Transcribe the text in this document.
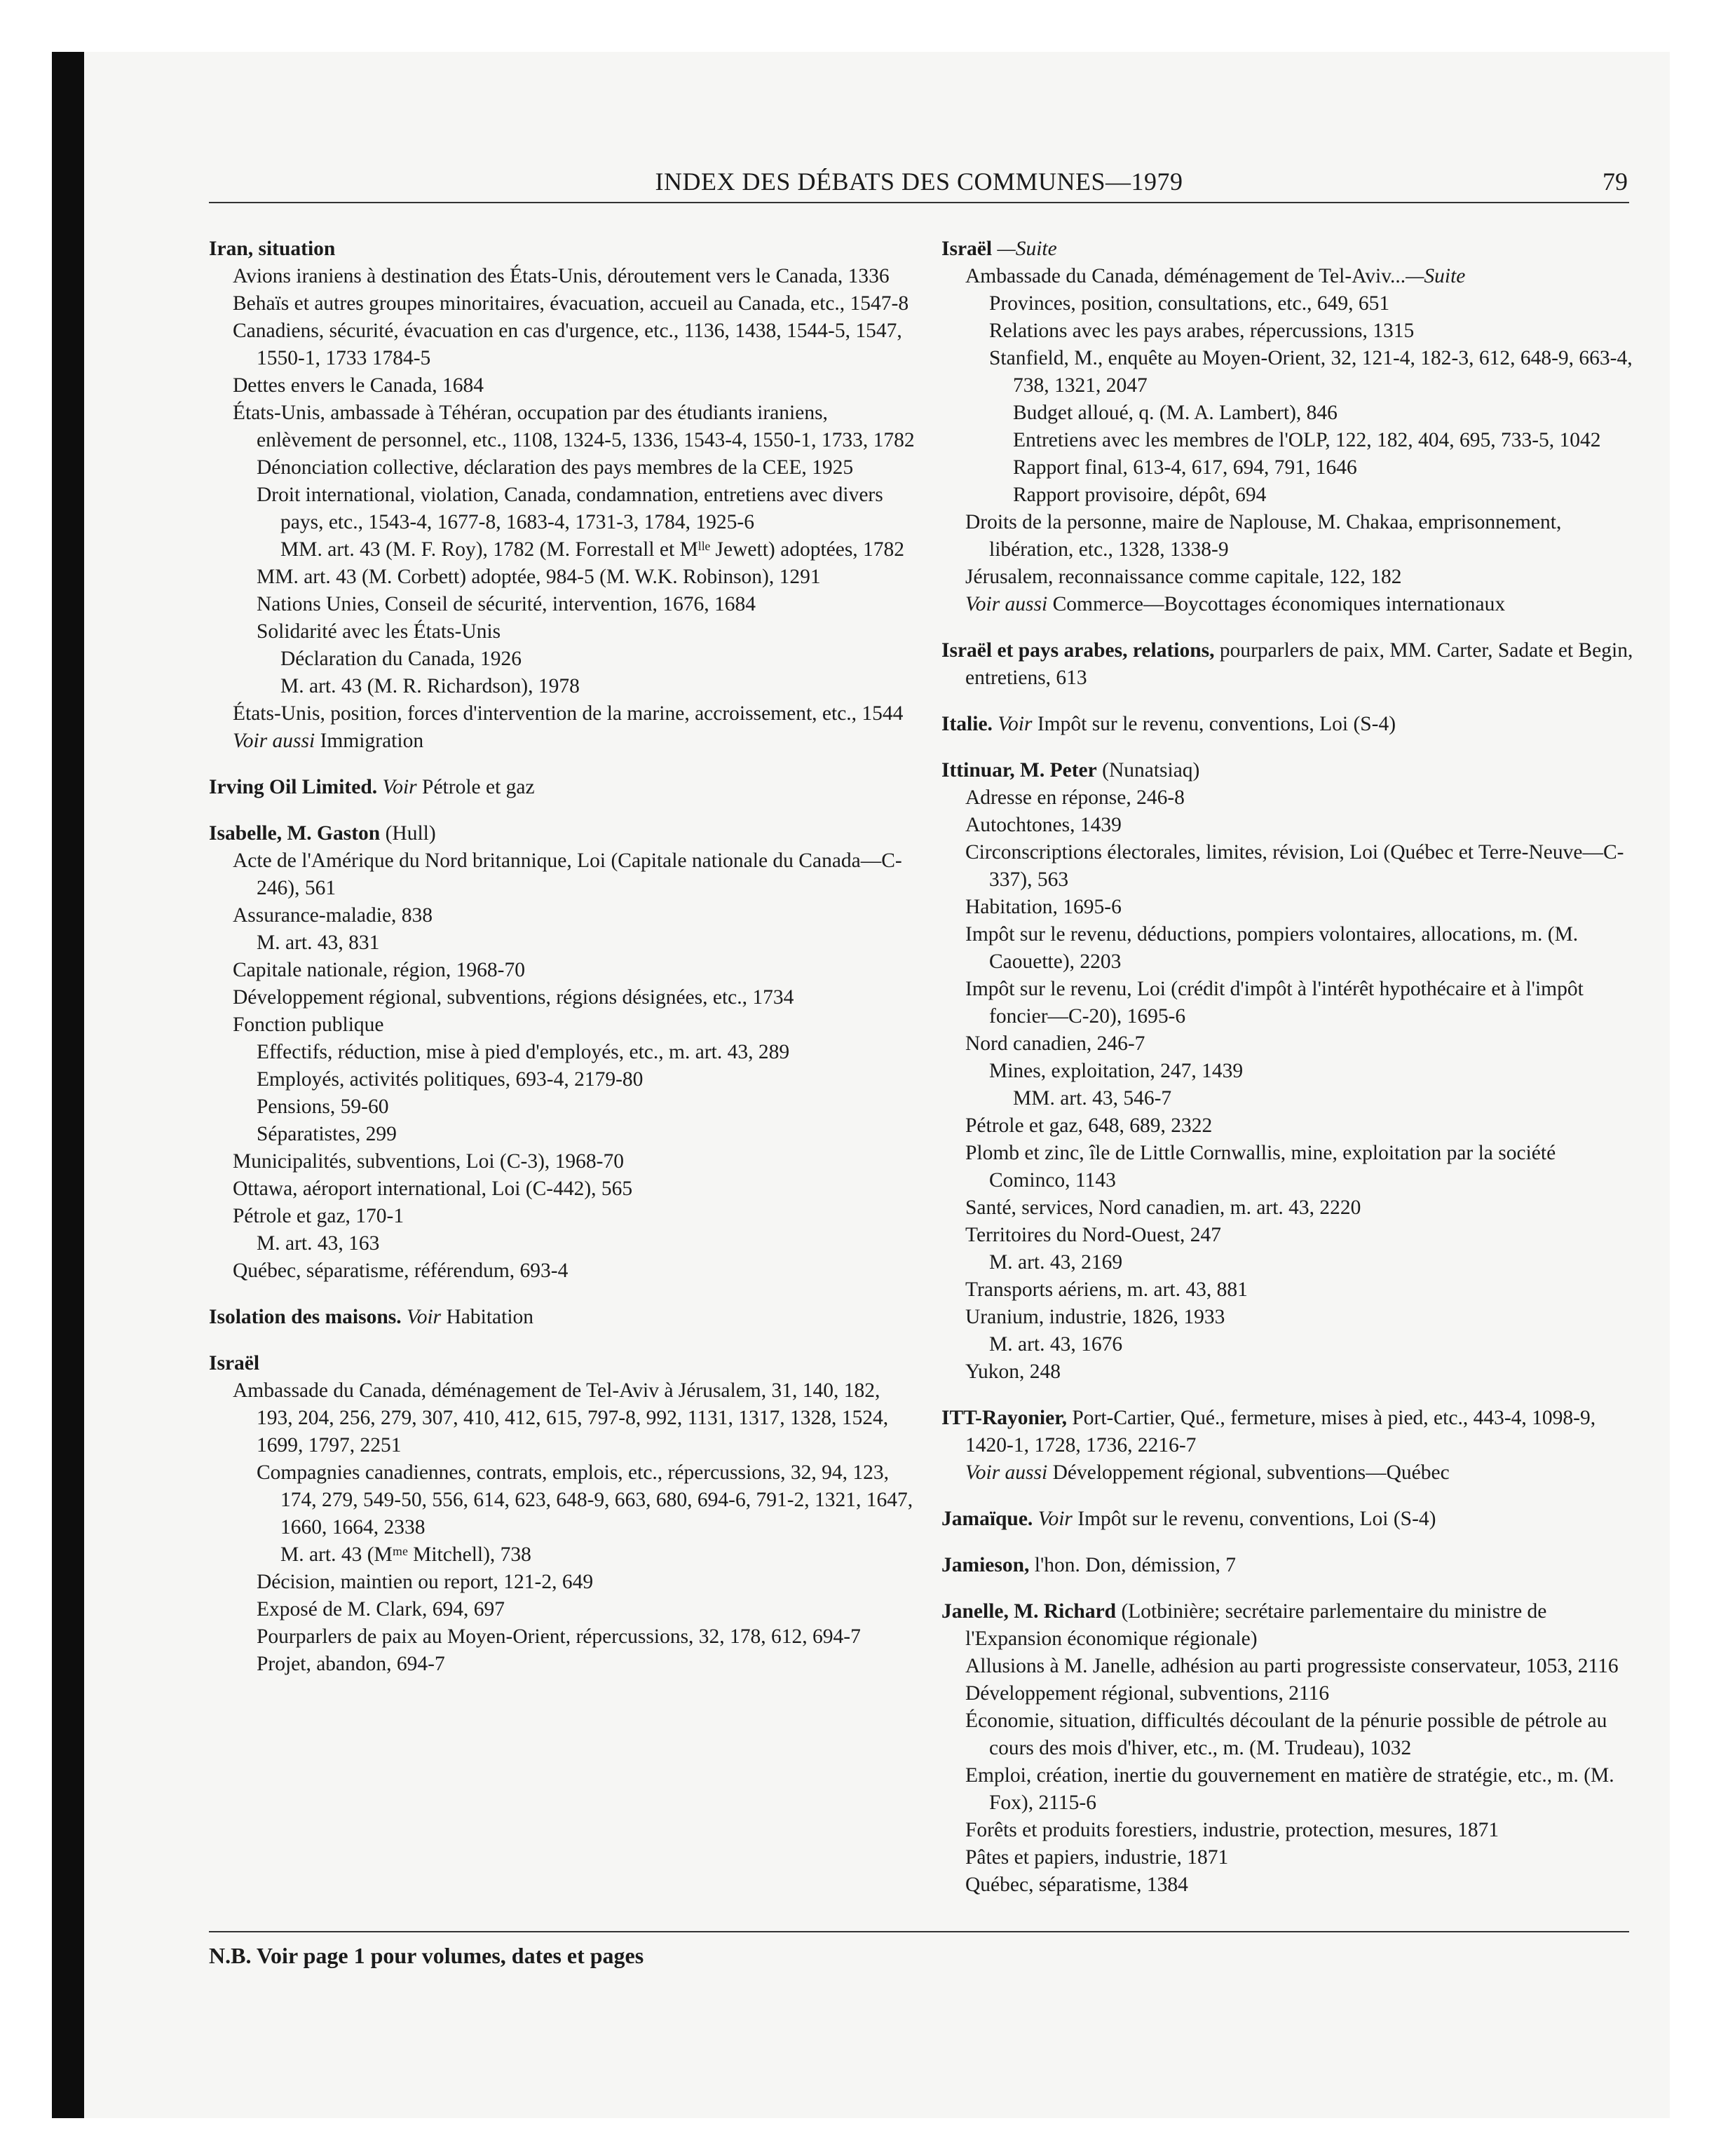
INDEX DES DÉBATS DES COMMUNES—1979	79

Iran, situation

Avions iraniens à destination des États-Unis, déroutement vers le Canada, 1336

Behaïs et autres groupes minoritaires, évacuation, accueil au Canada, etc., 1547-8

Canadiens, sécurité, évacuation en cas d'urgence, etc., 1136, 1438, 1544-5, 1547, 1550-1, 1733 1784-5

Dettes envers le Canada, 1684

États-Unis, ambassade à Téhéran, occupation par des étudiants iraniens, enlèvement de personnel, etc., 1108, 1324-5, 1336, 1543-4, 1550-1, 1733, 1782

Dénonciation collective, déclaration des pays membres de la CEE, 1925

Droit international, violation, Canada, condamnation, entretiens avec divers pays, etc., 1543-4, 1677-8, 1683-4, 1731-3, 1784, 1925-6

MM. art. 43 (M. F. Roy), 1782 (M. Forrestall et Mˡˡᵉ Jewett) adoptées, 1782

MM. art. 43 (M. Corbett) adoptée, 984-5 (M. W.K. Robinson), 1291

Nations Unies, Conseil de sécurité, intervention, 1676, 1684

Solidarité avec les États-Unis

Déclaration du Canada, 1926

M. art. 43 (M. R. Richardson), 1978

États-Unis, position, forces d'intervention de la marine, accroissement, etc., 1544

Voir aussi Immigration

Irving Oil Limited. Voir Pétrole et gaz

Isabelle, M. Gaston (Hull)

Acte de l'Amérique du Nord britannique, Loi (Capitale nationale du Canada—C-246), 561

Assurance-maladie, 838

M. art. 43, 831

Capitale nationale, région, 1968-70

Développement régional, subventions, régions désignées, etc., 1734

Fonction publique

Effectifs, réduction, mise à pied d'employés, etc., m. art. 43, 289

Employés, activités politiques, 693-4, 2179-80

Pensions, 59-60

Séparatistes, 299

Municipalités, subventions, Loi (C-3), 1968-70

Ottawa, aéroport international, Loi (C-442), 565

Pétrole et gaz, 170-1

M. art. 43, 163

Québec, séparatisme, référendum, 693-4

Isolation des maisons. Voir Habitation

Israël

Ambassade du Canada, déménagement de Tel-Aviv à Jérusalem, 31, 140, 182, 193, 204, 256, 279, 307, 410, 412, 615, 797-8, 992, 1131, 1317, 1328, 1524, 1699, 1797, 2251

Compagnies canadiennes, contrats, emplois, etc., répercussions, 32, 94, 123, 174, 279, 549-50, 556, 614, 623, 648-9, 663, 680, 694-6, 791-2, 1321, 1647, 1660, 1664, 2338

M. art. 43 (Mᵐᵉ Mitchell), 738

Décision, maintien ou report, 121-2, 649

Exposé de M. Clark, 694, 697

Pourparlers de paix au Moyen-Orient, répercussions, 32, 178, 612, 694-7

Projet, abandon, 694-7

Israël —Suite

Ambassade du Canada, déménagement de Tel-Aviv...—Suite

Provinces, position, consultations, etc., 649, 651

Relations avec les pays arabes, répercussions, 1315

Stanfield, M., enquête au Moyen-Orient, 32, 121-4, 182-3, 612, 648-9, 663-4, 738, 1321, 2047

Budget alloué, q. (M. A. Lambert), 846

Entretiens avec les membres de l'OLP, 122, 182, 404, 695, 733-5, 1042

Rapport final, 613-4, 617, 694, 791, 1646

Rapport provisoire, dépôt, 694

Droits de la personne, maire de Naplouse, M. Chakaa, emprisonnement, libération, etc., 1328, 1338-9

Jérusalem, reconnaissance comme capitale, 122, 182

Voir aussi Commerce—Boycottages économiques internationaux

Israël et pays arabes, relations, pourparlers de paix, MM. Carter, Sadate et Begin, entretiens, 613

Italie. Voir Impôt sur le revenu, conventions, Loi (S-4)

Ittinuar, M. Peter (Nunatsiaq)

Adresse en réponse, 246-8

Autochtones, 1439

Circonscriptions électorales, limites, révision, Loi (Québec et Terre-Neuve—C-337), 563

Habitation, 1695-6

Impôt sur le revenu, déductions, pompiers volontaires, allocations, m. (M. Caouette), 2203

Impôt sur le revenu, Loi (crédit d'impôt à l'intérêt hypothécaire et à l'impôt foncier—C-20), 1695-6

Nord canadien, 246-7

Mines, exploitation, 247, 1439

MM. art. 43, 546-7

Pétrole et gaz, 648, 689, 2322

Plomb et zinc, île de Little Cornwallis, mine, exploitation par la société Cominco, 1143

Santé, services, Nord canadien, m. art. 43, 2220

Territoires du Nord-Ouest, 247

M. art. 43, 2169

Transports aériens, m. art. 43, 881

Uranium, industrie, 1826, 1933

M. art. 43, 1676

Yukon, 248

ITT-Rayonier, Port-Cartier, Qué., fermeture, mises à pied, etc., 443-4, 1098-9, 1420-1, 1728, 1736, 2216-7

Voir aussi Développement régional, subventions—Québec

Jamaïque. Voir Impôt sur le revenu, conventions, Loi (S-4)

Jamieson, l'hon. Don, démission, 7

Janelle, M. Richard (Lotbinière; secrétaire parlementaire du ministre de l'Expansion économique régionale)

Allusions à M. Janelle, adhésion au parti progressiste conservateur, 1053, 2116

Développement régional, subventions, 2116

Économie, situation, difficultés découlant de la pénurie possible de pétrole au cours des mois d'hiver, etc., m. (M. Trudeau), 1032

Emploi, création, inertie du gouvernement en matière de stratégie, etc., m. (M. Fox), 2115-6

Forêts et produits forestiers, industrie, protection, mesures, 1871

Pâtes et papiers, industrie, 1871

Québec, séparatisme, 1384

N.B. Voir page 1 pour volumes, dates et pages
